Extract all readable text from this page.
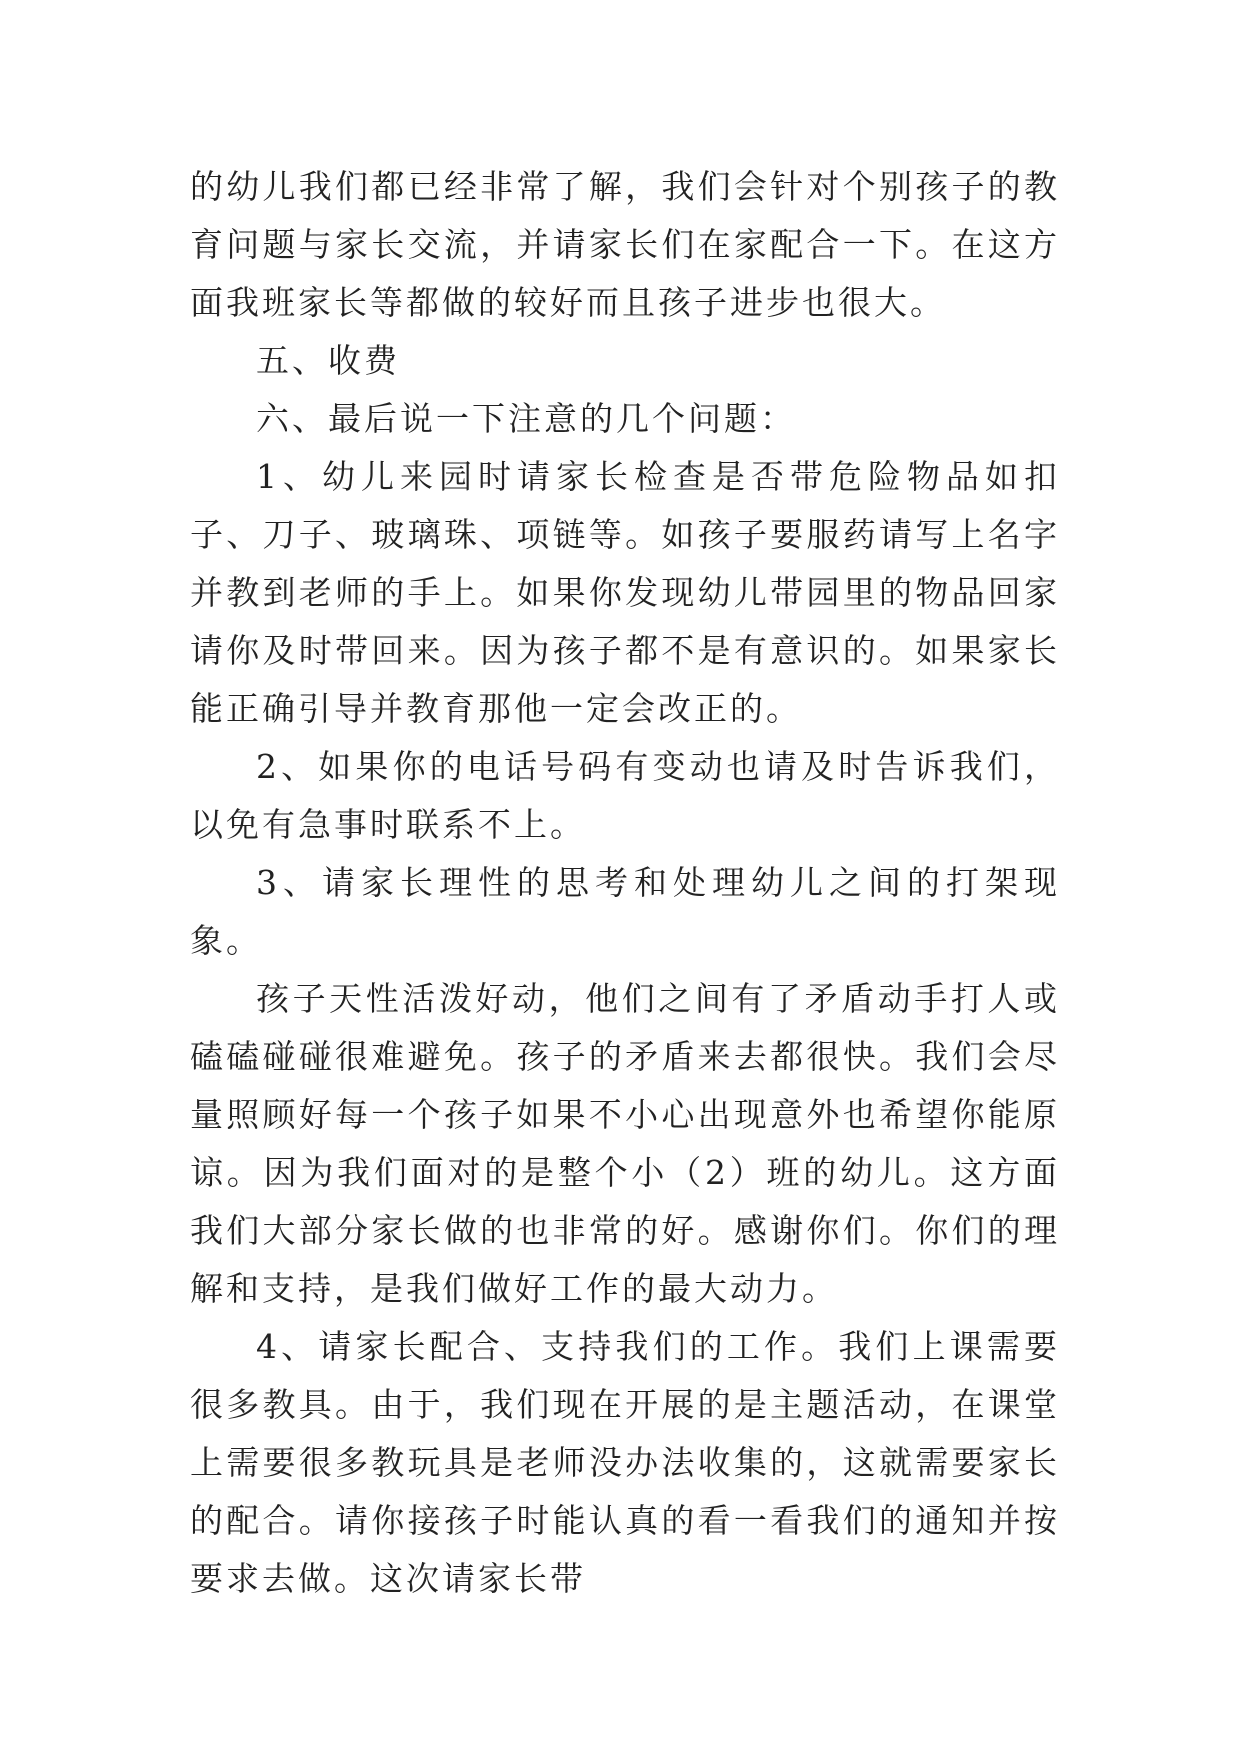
的幼儿我们都已经非常了解，我们会针对个别孩子的教育问题与家长交流，并请家长们在家配合一下。在这方面我班家长等都做的较好而且孩子进步也很大。

五、收费

六、最后说一下注意的几个问题：

1、幼儿来园时请家长检查是否带危险物品如扣子、刀子、玻璃珠、项链等。如孩子要服药请写上名字并教到老师的手上。如果你发现幼儿带园里的物品回家请你及时带回来。因为孩子都不是有意识的。如果家长能正确引导并教育那他一定会改正的。

2、如果你的电话号码有变动也请及时告诉我们，以免有急事时联系不上。

3、请家长理性的思考和处理幼儿之间的打架现象。

孩子天性活泼好动，他们之间有了矛盾动手打人或磕磕碰碰很难避免。孩子的矛盾来去都很快。我们会尽量照顾好每一个孩子如果不小心出现意外也希望你能原谅。因为我们面对的是整个小（2）班的幼儿。这方面我们大部分家长做的也非常的好。感谢你们。你们的理解和支持，是我们做好工作的最大动力。

4、请家长配合、支持我们的工作。我们上课需要很多教具。由于，我们现在开展的是主题活动，在课堂上需要很多教玩具是老师没办法收集的，这就需要家长的配合。请你接孩子时能认真的看一看我们的通知并按要求去做。这次请家长带
